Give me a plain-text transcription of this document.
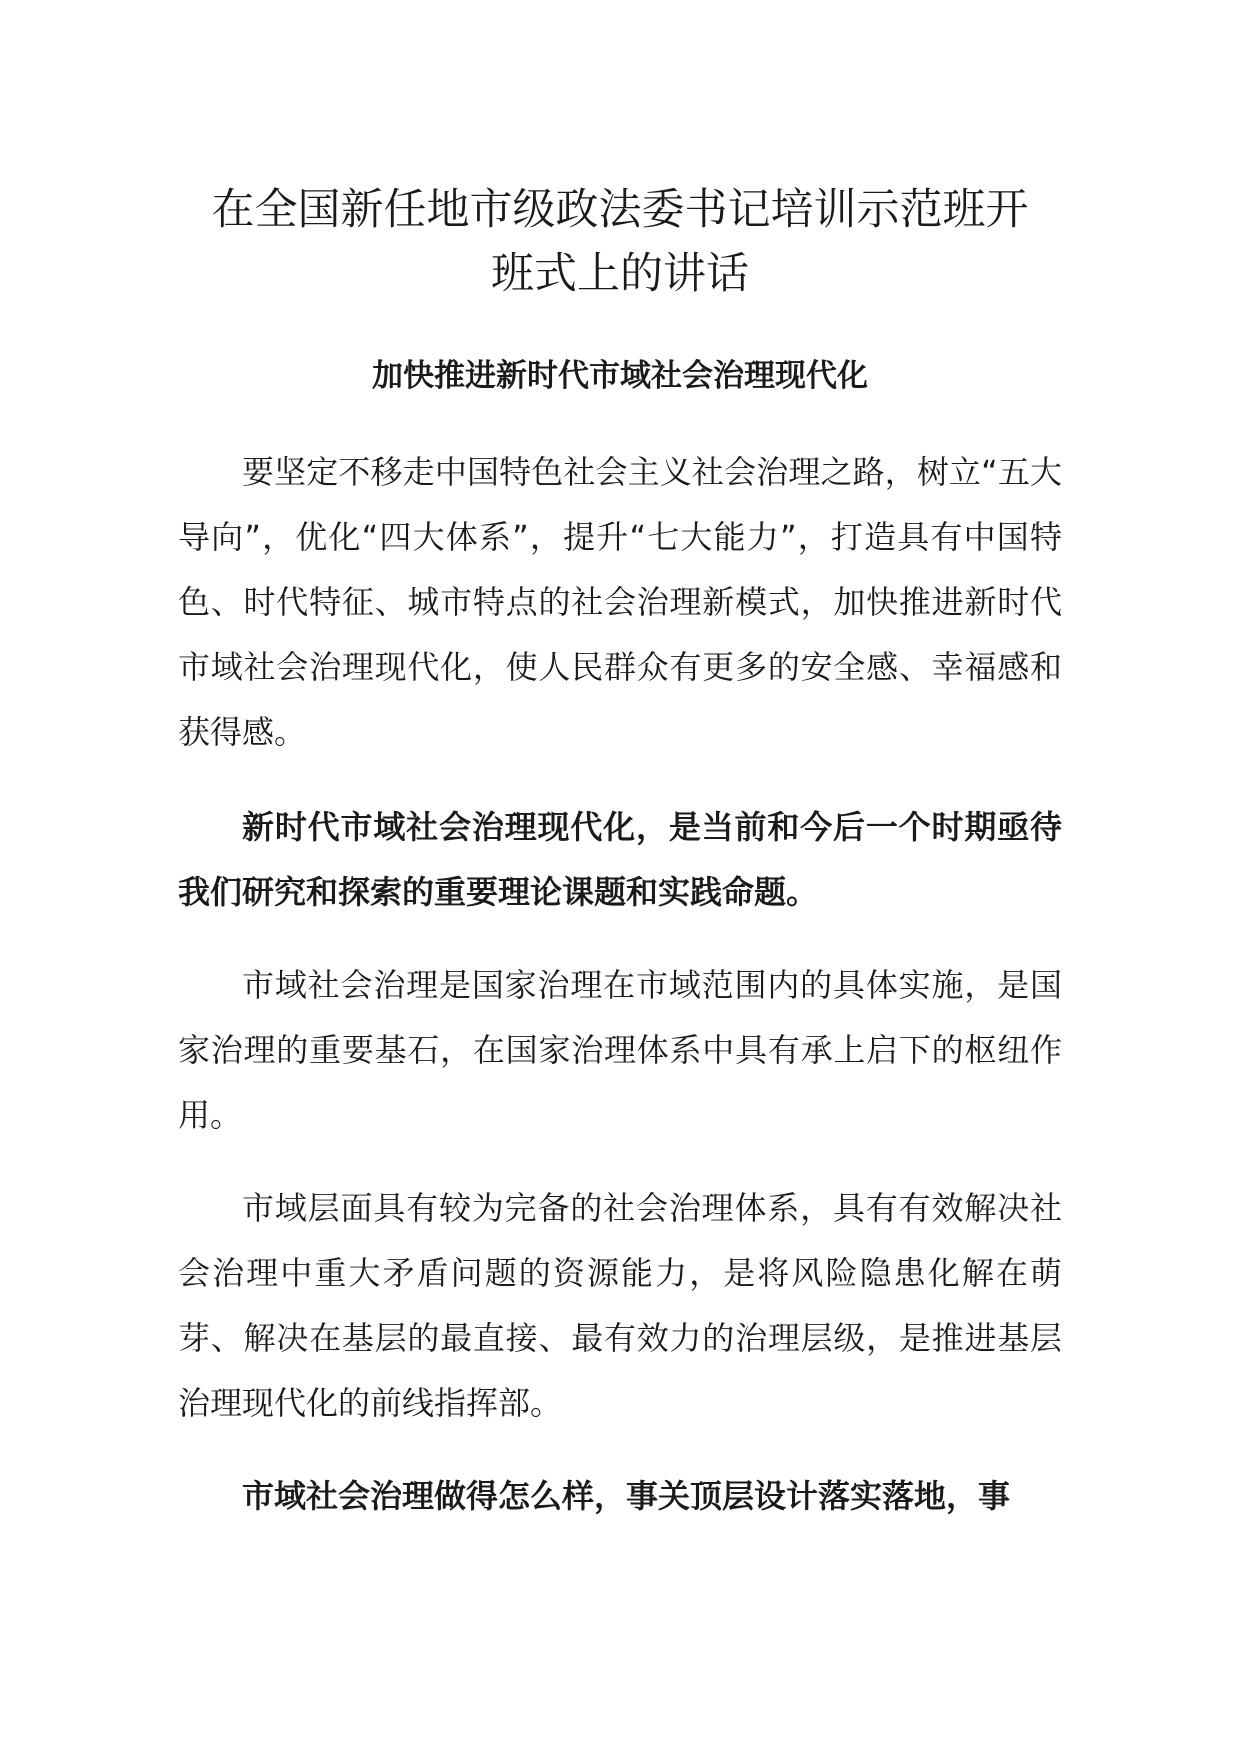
在全国新任地市级政法委书记培训示范班开
班式上的讲话
加快推进新时代市域社会治理现代化

要坚定不移走中国特色社会主义社会治理之路，树立“五大导向”，优化“四大体系”，提升“七大能力”，打造具有中国特色、时代特征、城市特点的社会治理新模式，加快推进新时代市域社会治理现代化，使人民群众有更多的安全感、幸福感和获得感。

新时代市域社会治理现代化，是当前和今后一个时期亟待我们研究和探索的重要理论课题和实践命题。

市域社会治理是国家治理在市域范围内的具体实施，是国家治理的重要基石，在国家治理体系中具有承上启下的枢纽作用。

市域层面具有较为完备的社会治理体系，具有有效解决社会治理中重大矛盾问题的资源能力，是将风险隐患化解在萌芽、解决在基层的最直接、最有效力的治理层级，是推进基层治理现代化的前线指挥部。

市域社会治理做得怎么样，事关顶层设计落实落地，事
